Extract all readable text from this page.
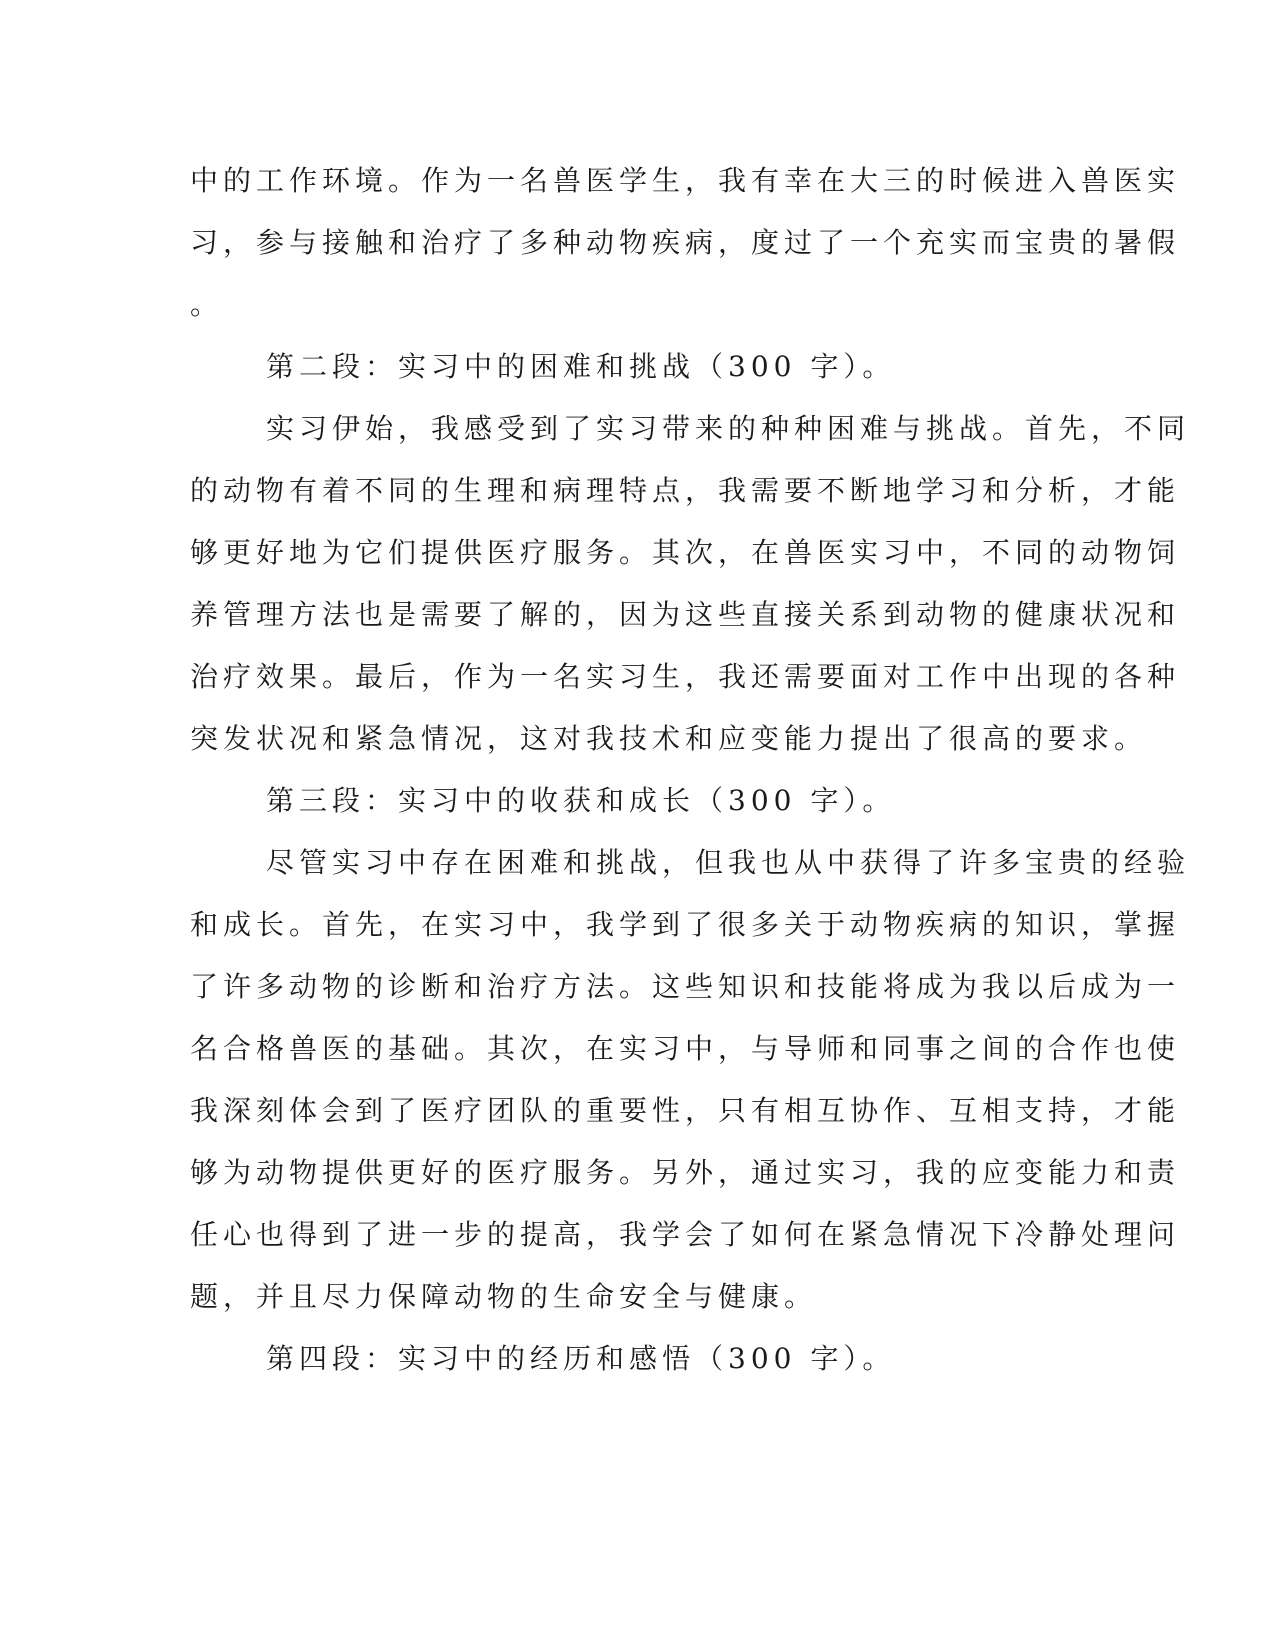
中的工作环境。作为一名兽医学生，我有幸在大三的时候进入兽医实
习，参与接触和治疗了多种动物疾病，度过了一个充实而宝贵的暑假
。
第二段：实习中的困难和挑战（300 字）。
实习伊始，我感受到了实习带来的种种困难与挑战。首先，不同
的动物有着不同的生理和病理特点，我需要不断地学习和分析，才能
够更好地为它们提供医疗服务。其次，在兽医实习中，不同的动物饲
养管理方法也是需要了解的，因为这些直接关系到动物的健康状况和
治疗效果。最后，作为一名实习生，我还需要面对工作中出现的各种
突发状况和紧急情况，这对我技术和应变能力提出了很高的要求。
第三段：实习中的收获和成长（300 字）。
尽管实习中存在困难和挑战，但我也从中获得了许多宝贵的经验
和成长。首先，在实习中，我学到了很多关于动物疾病的知识，掌握
了许多动物的诊断和治疗方法。这些知识和技能将成为我以后成为一
名合格兽医的基础。其次，在实习中，与导师和同事之间的合作也使
我深刻体会到了医疗团队的重要性，只有相互协作、互相支持，才能
够为动物提供更好的医疗服务。另外，通过实习，我的应变能力和责
任心也得到了进一步的提高，我学会了如何在紧急情况下冷静处理问
题，并且尽力保障动物的生命安全与健康。
第四段：实习中的经历和感悟（300 字）。
